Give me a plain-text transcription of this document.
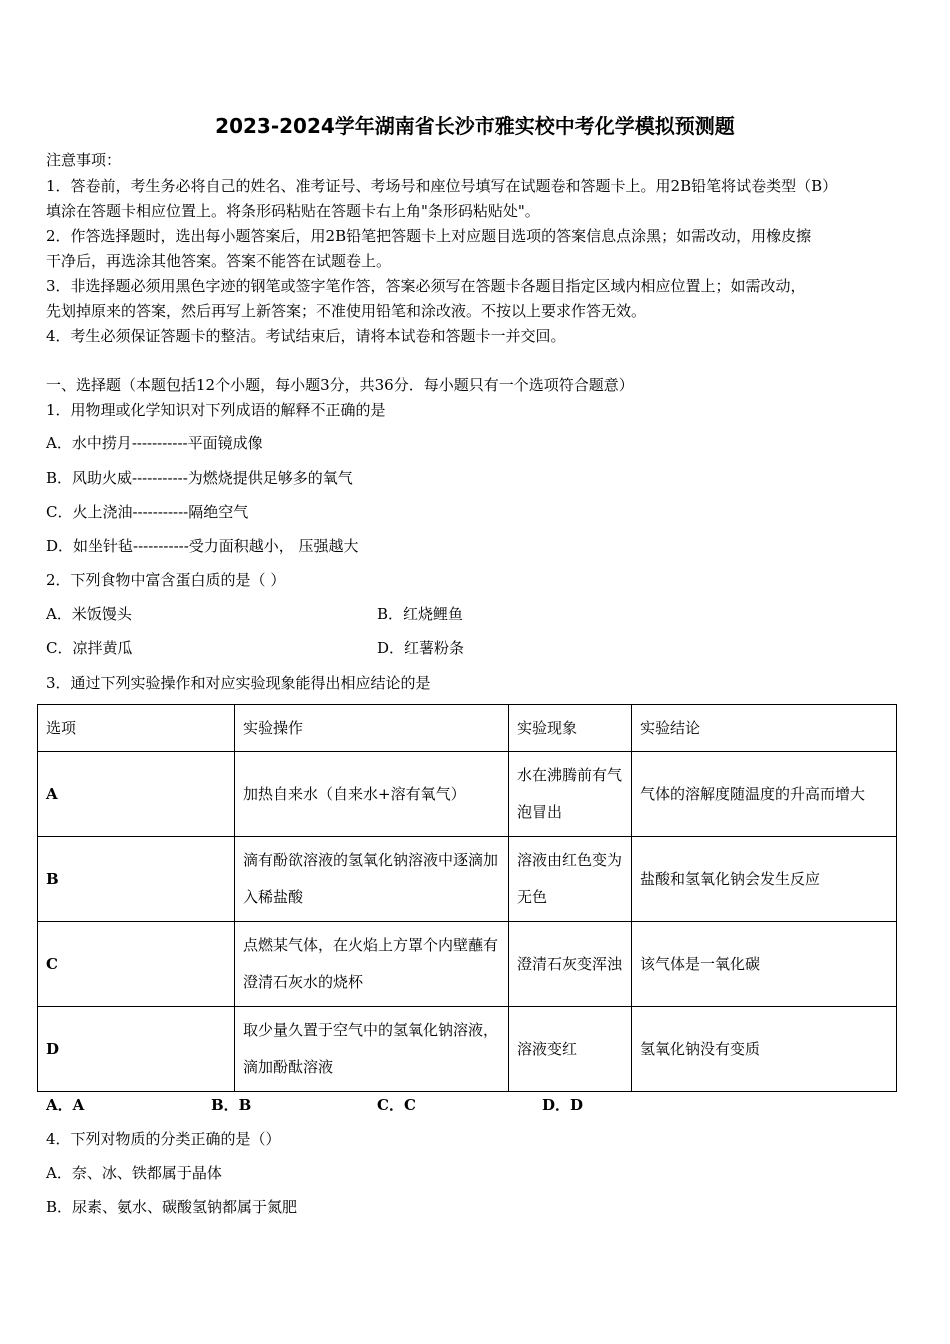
2023-2024学年湖南省长沙市雅实校中考化学模拟预测题
注意事项：
1．答卷前，考生务必将自己的姓名、准考证号、考场号和座位号填写在试题卷和答题卡上。用2B铅笔将试卷类型（B）
填涂在答题卡相应位置上。将条形码粘贴在答题卡右上角"条形码粘贴处"。
2．作答选择题时，选出每小题答案后，用2B铅笔把答题卡上对应题目选项的答案信息点涂黑；如需改动，用橡皮擦
干净后，再选涂其他答案。答案不能答在试题卷上。
3．非选择题必须用黑色字迹的钢笔或签字笔作答，答案必须写在答题卡各题目指定区域内相应位置上；如需改动，
先划掉原来的答案，然后再写上新答案；不准使用铅笔和涂改液。不按以上要求作答无效。
4．考生必须保证答题卡的整洁。考试结束后，请将本试卷和答题卡一并交回。
一、选择题（本题包括12个小题，每小题3分，共36分．每小题只有一个选项符合题意）
1．用物理或化学知识对下列成语的解释不正确的是
A．水中捞月-----------平面镜成像
B．风助火威-----------为燃烧提供足够多的氧气
C．火上浇油-----------隔绝空气
D．如坐针毡-----------受力面积越小， 压强越大
2．下列食物中富含蛋白质的是（ ）
A．米饭馒头	B．红烧鲤鱼
C．凉拌黄瓜	D．红薯粉条
3．通过下列实验操作和对应实验现象能得出相应结论的是
选项	实验操作	实验现象	实验结论
A	加热自来水（自来水+溶有氧气）	水在沸腾前有气泡冒出	气体的溶解度随温度的升高而增大
B	滴有酚欲溶液的氢氧化钠溶液中逐滴加入稀盐酸	溶液由红色变为无色	盐酸和氢氧化钠会发生反应
C	点燃某气体，在火焰上方罩个内壁蘸有澄清石灰水的烧杯	澄清石灰变浑浊	该气体是一氧化碳
D	取少量久置于空气中的氢氧化钠溶液，滴加酚酞溶液	溶液变红	氢氧化钠没有变质
A．A	B．B	C．C	D．D
4．下列对物质的分类正确的是（）
A．奈、冰、铁都属于晶体
B．尿素、氨水、碳酸氢钠都属于氮肥
